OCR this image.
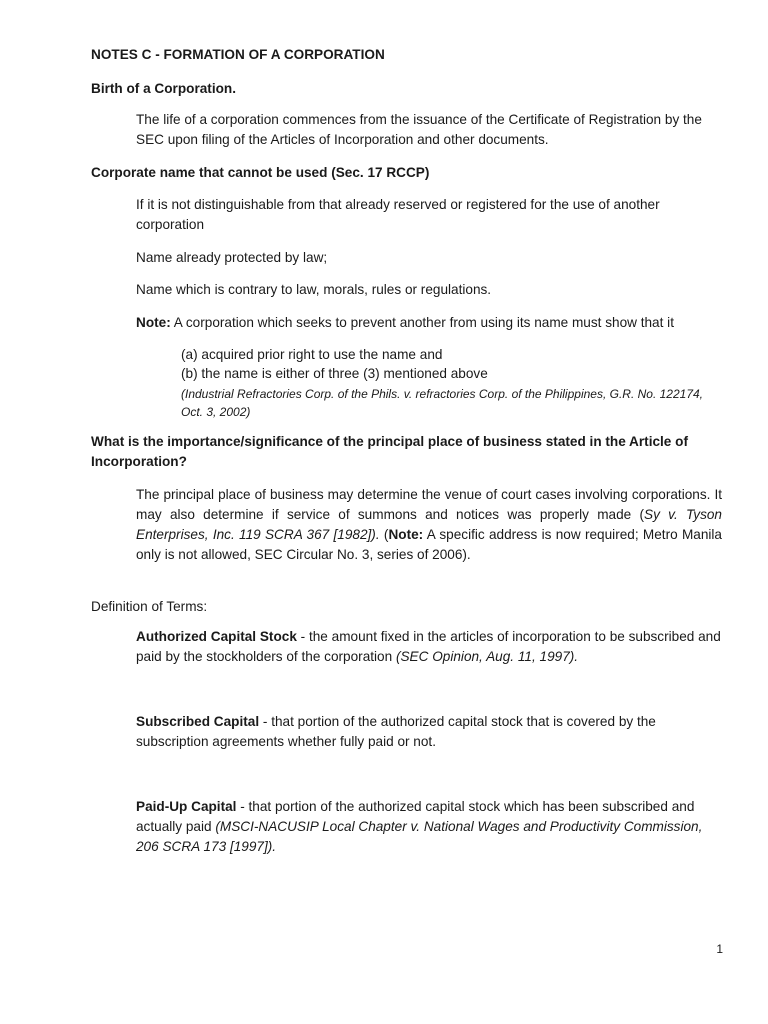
NOTES C - FORMATION OF A CORPORATION
Birth of a Corporation.
The life of a corporation commences from the issuance of the Certificate of Registration by the SEC upon filing of the Articles of Incorporation and other documents.
Corporate name that cannot be used (Sec. 17 RCCP)
If it is not distinguishable from that already reserved or registered for the use of another corporation
Name already protected by law;
Name which is contrary to law, morals, rules or regulations.
Note: A corporation which seeks to prevent another from using its name must show that it
(a) acquired prior right to use the name and
(b) the name is either of three (3) mentioned above
(Industrial Refractories Corp. of the Phils. v. refractories Corp. of the Philippines, G.R. No. 122174, Oct. 3, 2002)
What is the importance/significance of the principal place of business stated in the Article of Incorporation?
The principal place of business may determine the venue of court cases involving corporations. It may also determine if service of summons and notices was properly made (Sy v. Tyson Enterprises, Inc. 119 SCRA 367 [1982]). (Note: A specific address is now required; Metro Manila only is not allowed, SEC Circular No. 3, series of 2006).
Definition of Terms:
Authorized Capital Stock - the amount fixed in the articles of incorporation to be subscribed and paid by the stockholders of the corporation (SEC Opinion, Aug. 11, 1997).
Subscribed Capital - that portion of the authorized capital stock that is covered by the subscription agreements whether fully paid or not.
Paid-Up Capital - that portion of the authorized capital stock which has been subscribed and actually paid (MSCI-NACUSIP Local Chapter v. National Wages and Productivity Commission, 206 SCRA 173 [1997]).
1
